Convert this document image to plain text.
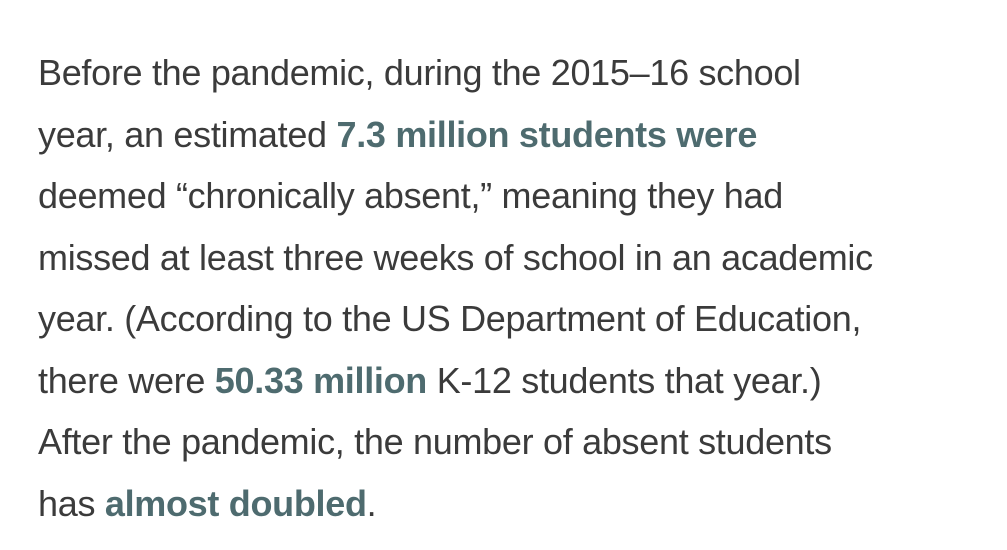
Before the pandemic, during the 2015–16 school
year, an estimated 7.3 million students were
deemed “chronically absent,” meaning they had
missed at least three weeks of school in an academic
year. (According to the US Department of Education,
there were 50.33 million K-12 students that year.)
After the pandemic, the number of absent students
has almost doubled.
